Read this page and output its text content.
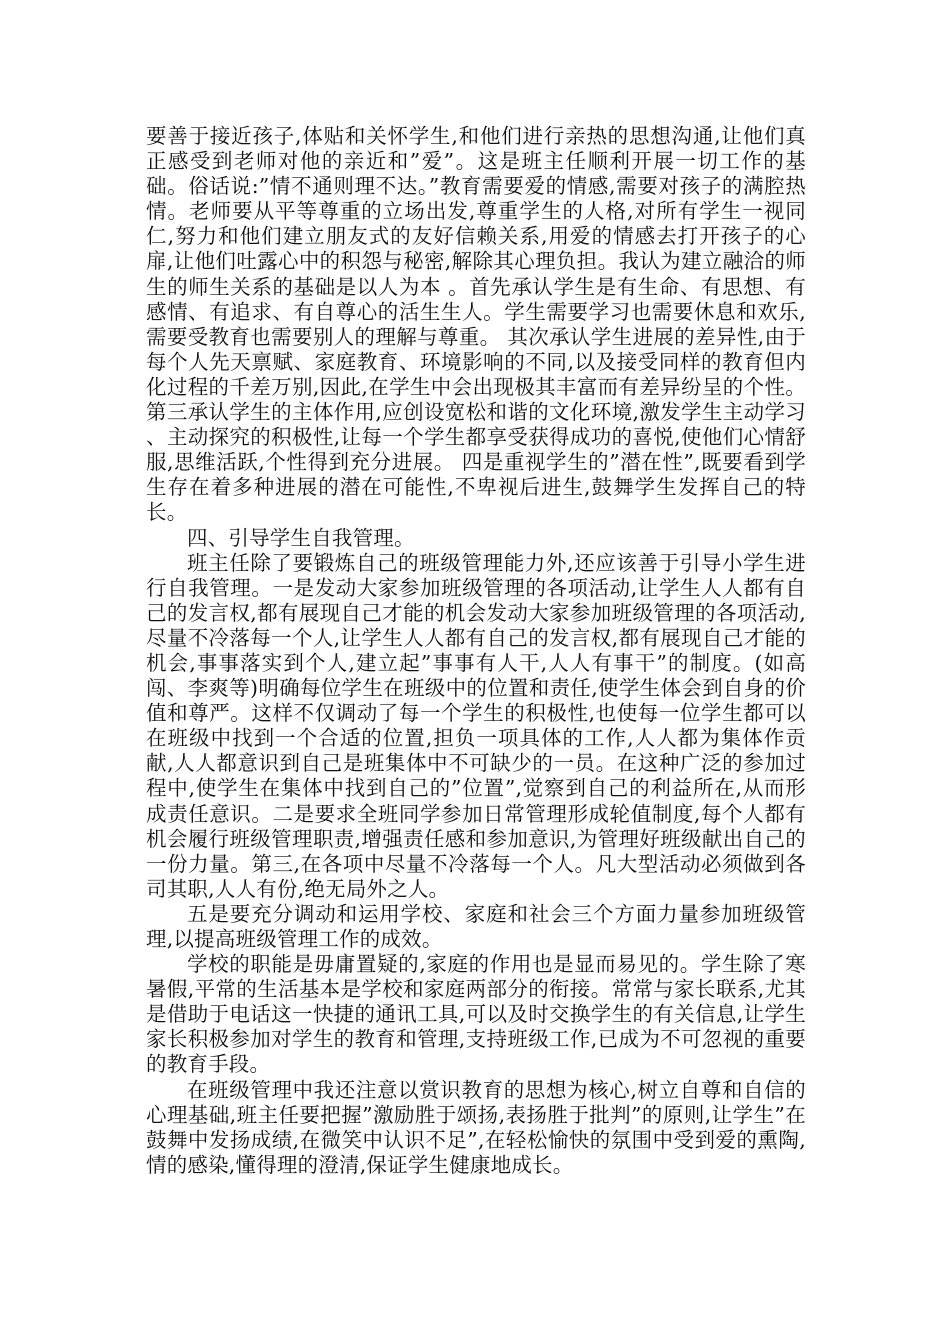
要善于接近孩子,体贴和关怀学生,和他们进行亲热的思想沟通,让他们真正感受到老师对他的亲近和”爱”。这是班主任顺利开展一切工作的基础。俗话说:”情不通则理不达。”教育需要爱的情感,需要对孩子的满腔热情。老师要从平等尊重的立场出发,尊重学生的人格,对所有学生一视同仁,努力和他们建立朋友式的友好信赖关系,用爱的情感去打开孩子的心扉,让他们吐露心中的积怨与秘密,解除其心理负担。我认为建立融洽的师生的师生关系的基础是以人为本 。首先承认学生是有生命、有思想、有感情、有追求、有自尊心的活生生人。学生需要学习也需要休息和欢乐,需要受教育也需要别人的理解与尊重。 其次承认学生进展的差异性,由于每个人先天禀赋、家庭教育、环境影响的不同,以及接受同样的教育但内化过程的千差万别,因此,在学生中会出现极其丰富而有差异纷呈的个性。 第三承认学生的主体作用,应创设宽松和谐的文化环境,激发学生主动学习 、主动探究的积极性,让每一个学生都享受获得成功的喜悦,使他们心情舒服,思维活跃,个性得到充分进展。 四是重视学生的”潜在性”,既要看到学生存在着多种进展的潜在可能性,不卑视后进生,鼓舞学生发挥自己的特长。

四、引导学生自我管理。

班主任除了要锻炼自己的班级管理能力外,还应该善于引导小学生进行自我管理。一是发动大家参加班级管理的各项活动,让学生人人都有自己的发言权,都有展现自己才能的机会发动大家参加班级管理的各项活动,尽量不冷落每一个人,让学生人人都有自己的发言权,都有展现自己才能的机会,事事落实到个人,建立起”事事有人干,人人有事干”的制度。(如高闯、李爽等)明确每位学生在班级中的位置和责任,使学生体会到自身的价值和尊严。这样不仅调动了每一个学生的积极性,也使每一位学生都可以在班级中找到一个合适的位置,担负一项具体的工作,人人都为集体作贡献,人人都意识到自己是班集体中不可缺少的一员。在这种广泛的参加过程中,使学生在集体中找到自己的”位置”,觉察到自己的利益所在,从而形成责任意识。二是要求全班同学参加日常管理形成轮值制度,每个人都有机会履行班级管理职责,增强责任感和参加意识,为管理好班级献出自己的一份力量。第三,在各项中尽量不冷落每一个人。凡大型活动必须做到各司其职,人人有份,绝无局外之人。

五是要充分调动和运用学校、家庭和社会三个方面力量参加班级管理,以提高班级管理工作的成效。

学校的职能是毋庸置疑的,家庭的作用也是显而易见的。学生除了寒暑假,平常的生活基本是学校和家庭两部分的衔接。常常与家长联系,尤其是借助于电话这一快捷的通讯工具,可以及时交换学生的有关信息,让学生家长积极参加对学生的教育和管理,支持班级工作,已成为不可忽视的重要的教育手段。

在班级管理中我还注意以赏识教育的思想为核心,树立自尊和自信的心理基础,班主任要把握”激励胜于颂扬,表扬胜于批判”的原则,让学生”在鼓舞中发扬成绩,在微笑中认识不足”,在轻松愉快的氛围中受到爱的熏陶,情的感染,懂得理的澄清,保证学生健康地成长。
